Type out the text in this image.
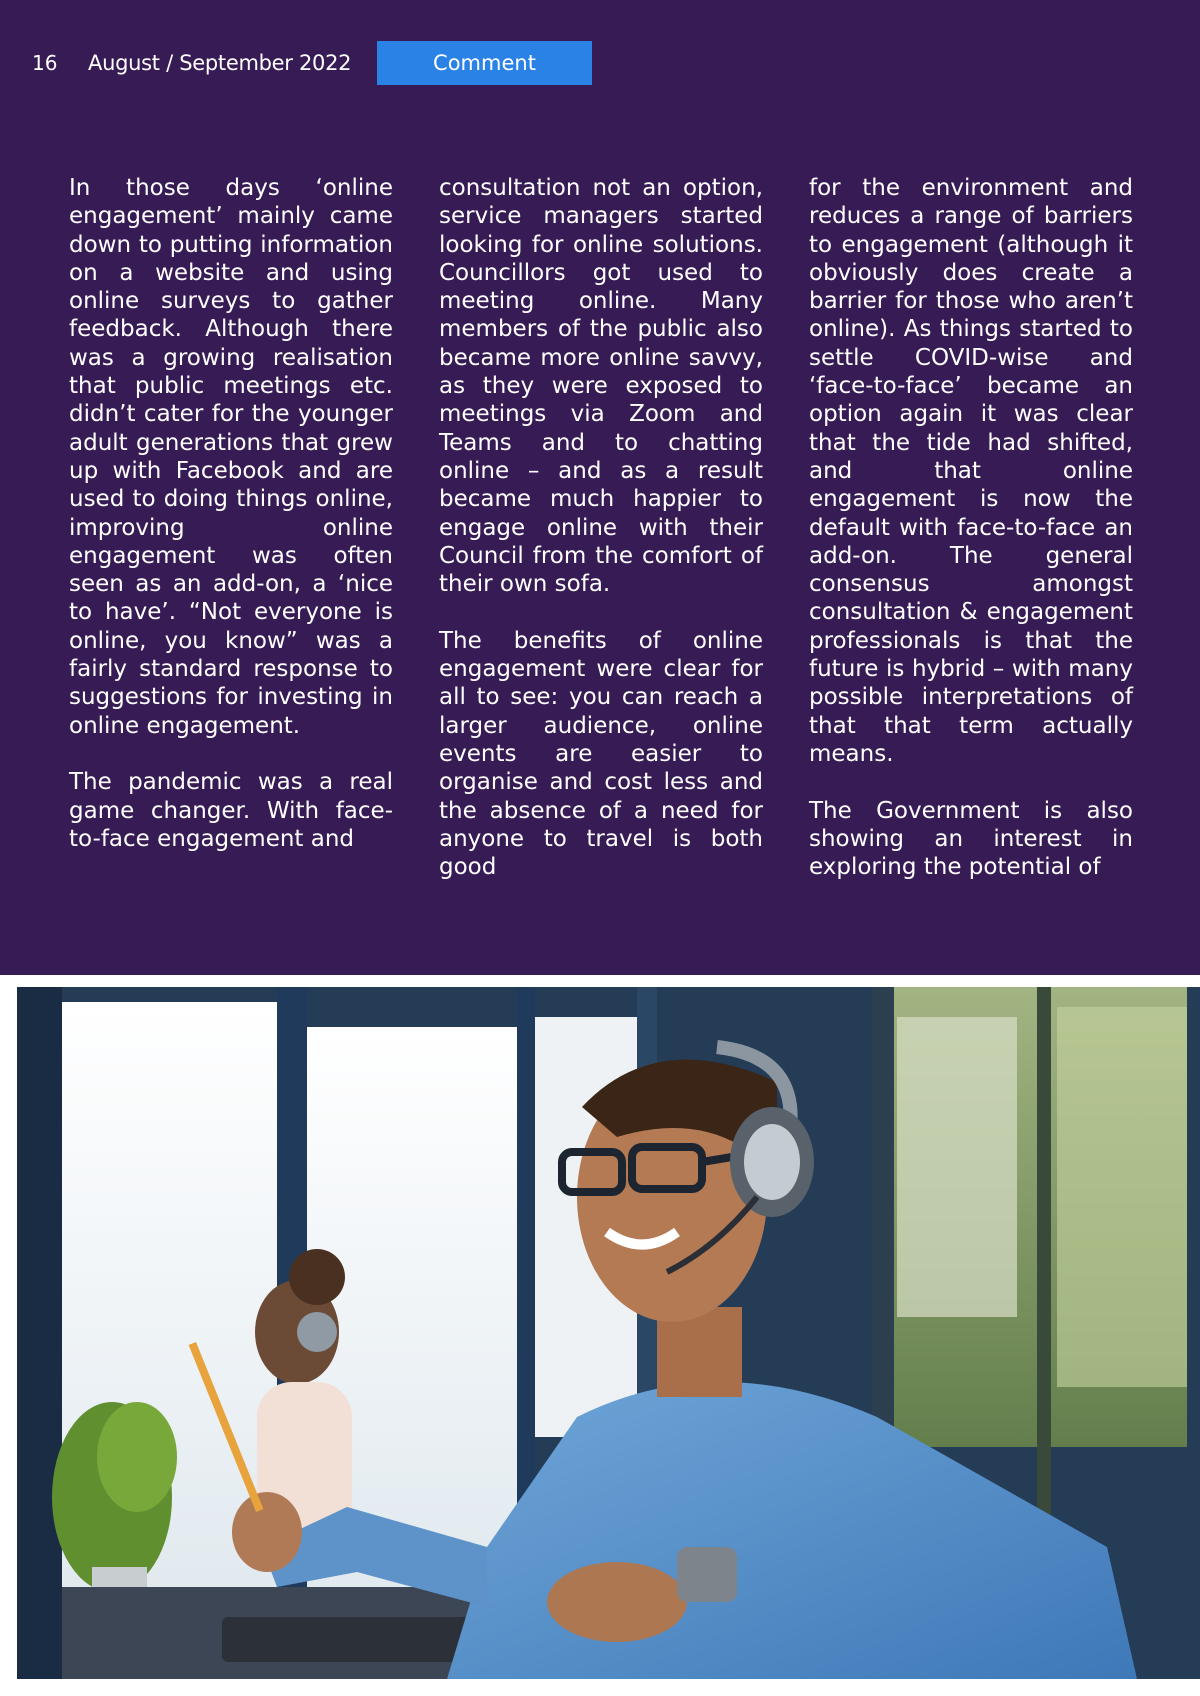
16 August / September 2022	Comment

In those days ‘online engagement’ mainly came down to putting information on a website and using online surveys to gather feedback. Although there was a growing realisation that public meetings etc. didn’t cater for the younger adult generations that grew up with Facebook and are used to doing things online, improving online engagement was often seen as an add-on, a ‘nice to have’. “Not everyone is online, you know” was a fairly standard response to suggestions for investing in online engagement.

The pandemic was a real game changer. With face-to-face engagement and

consultation not an option, service managers started looking for online solutions. Councillors got used to meeting online. Many members of the public also became more online savvy, as they were exposed to meetings via Zoom and Teams and to chatting online – and as a result became much happier to engage online with their Council from the comfort of their own sofa.

The benefits of online engagement were clear for all to see: you can reach a larger audience, online events are easier to organise and cost less and the absence of a need for anyone to travel is both good

for the environment and reduces a range of barriers to engagement (although it obviously does create a barrier for those who aren’t online). As things started to settle COVID-wise and ‘face-to-face’ became an option again it was clear that the tide had shifted, and that online engagement is now the default with face-to-face an add-on. The general consensus amongst consultation & engagement professionals is that the future is hybrid – with many possible interpretations of that that term actually means.

The Government is also showing an interest in exploring the potential of
